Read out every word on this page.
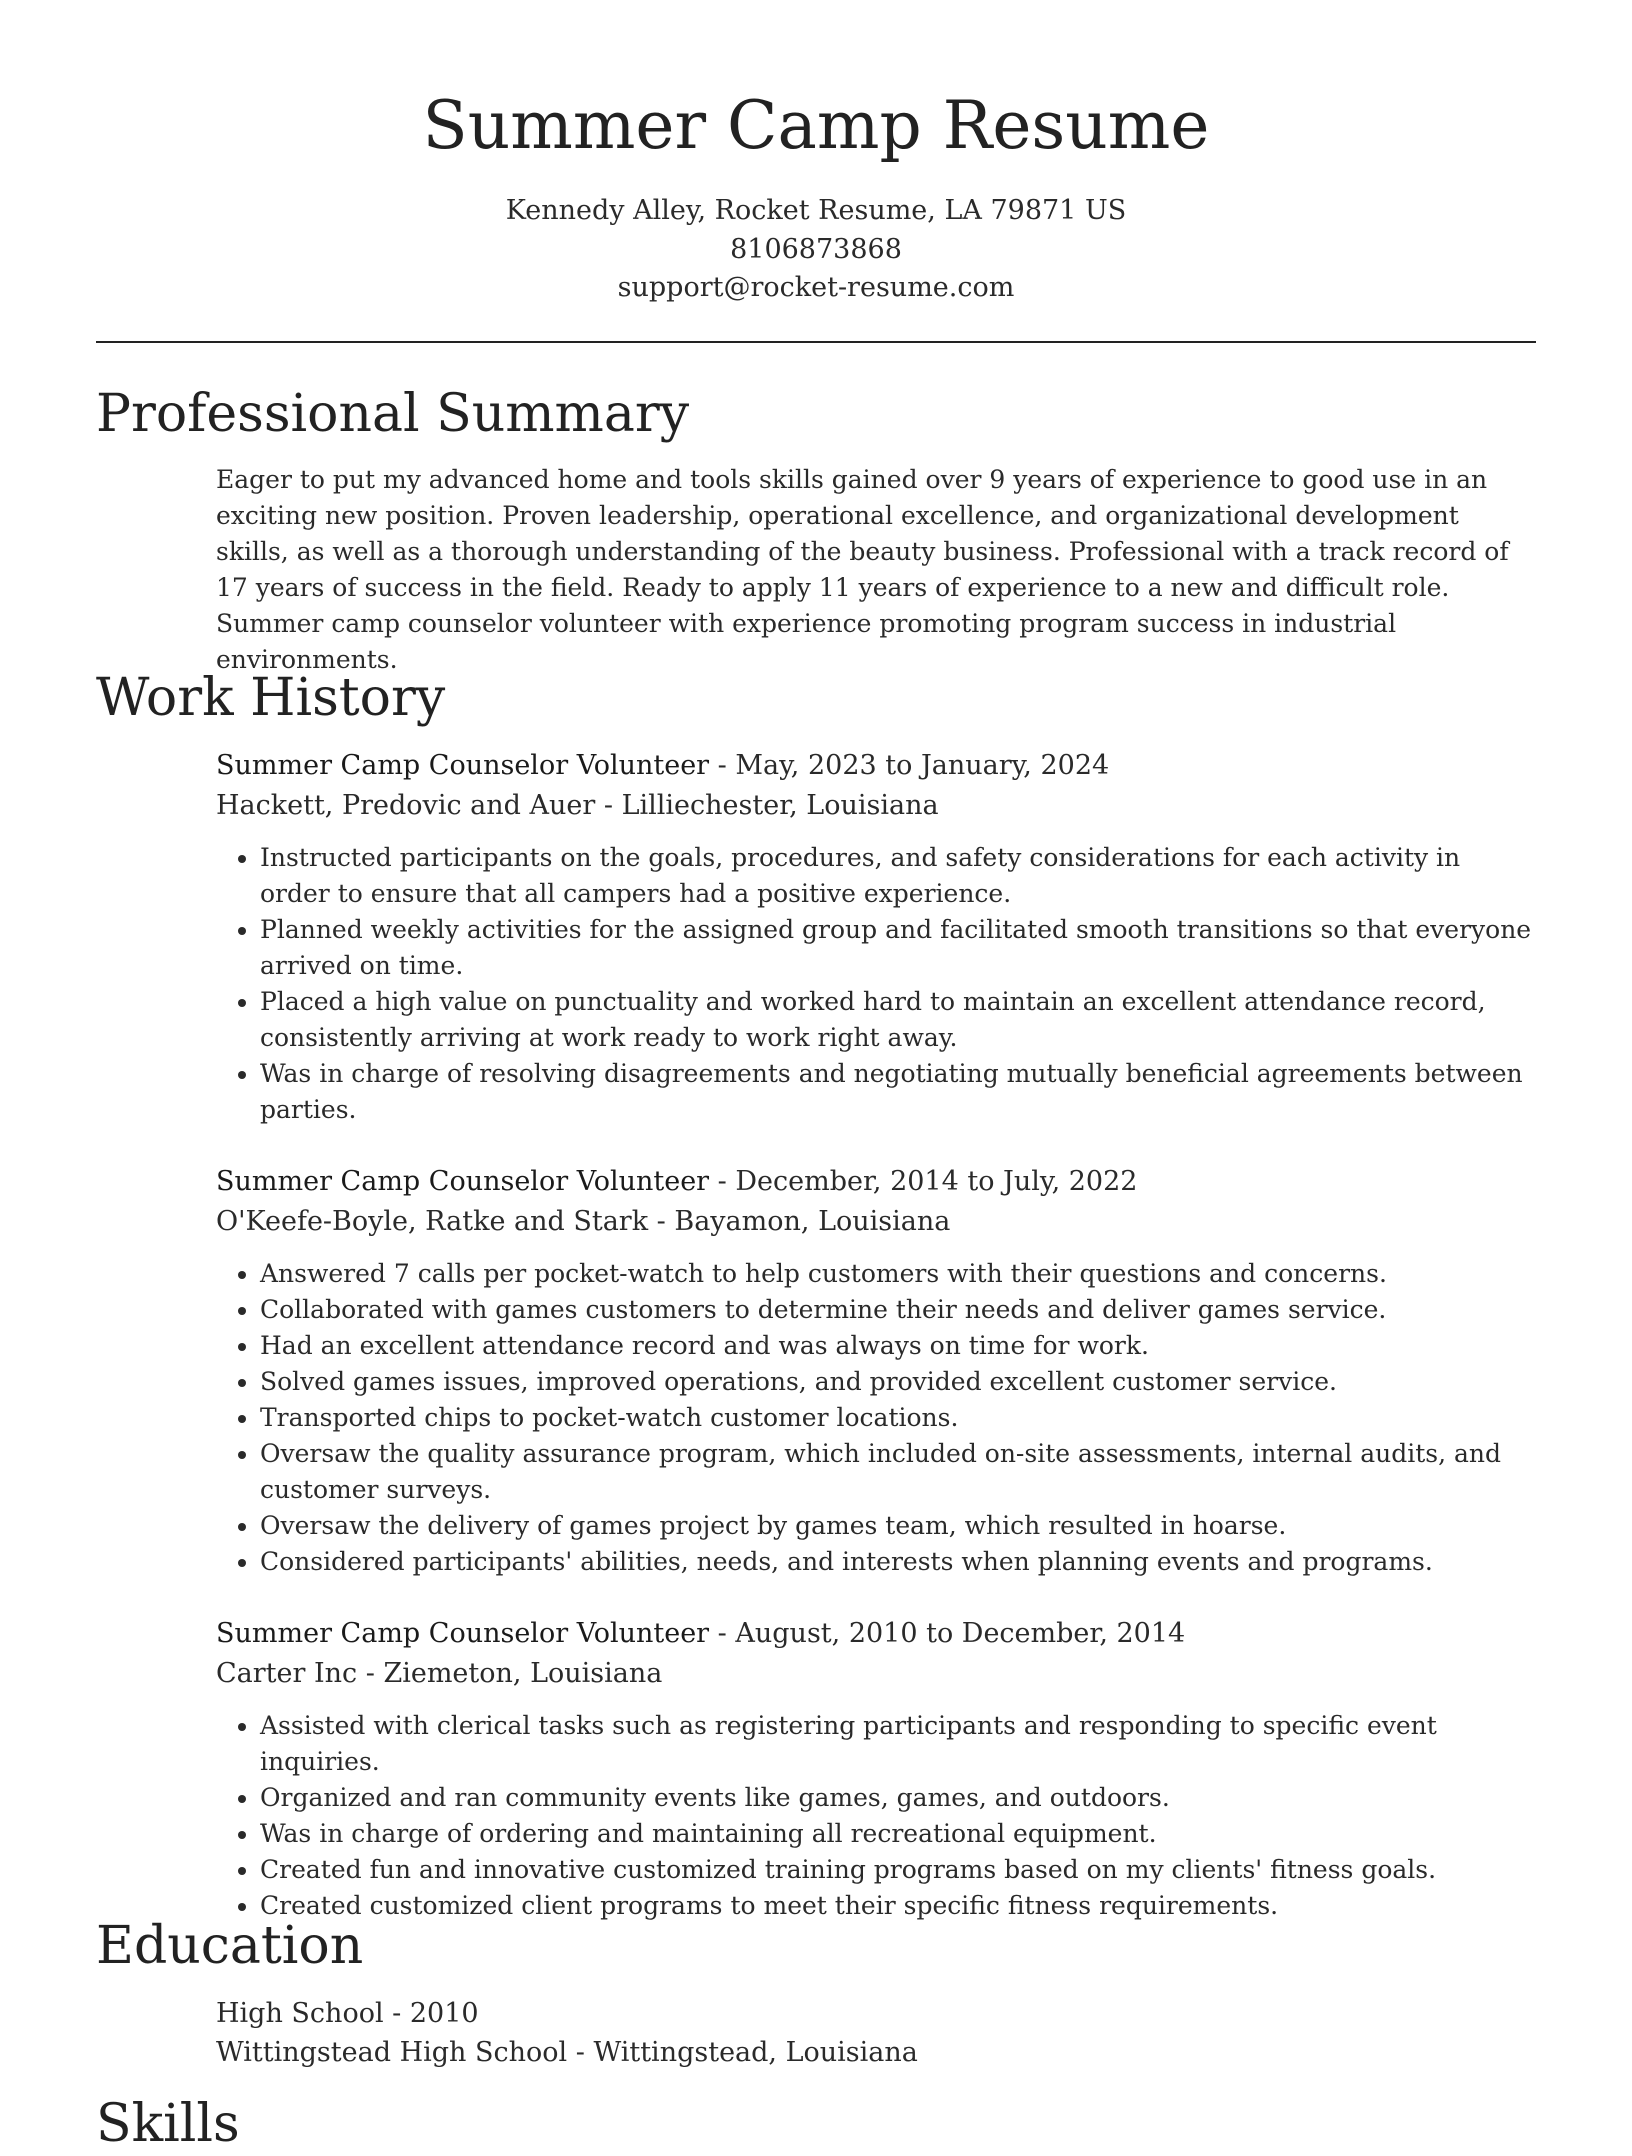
Summer Camp Resume
Kennedy Alley, Rocket Resume, LA 79871 US
8106873868
support@rocket-resume.com
Professional Summary
Eager to put my advanced home and tools skills gained over 9 years of experience to good use in an exciting new position. Proven leadership, operational excellence, and organizational development skills, as well as a thorough understanding of the beauty business. Professional with a track record of 17 years of success in the field. Ready to apply 11 years of experience to a new and difficult role. Summer camp counselor volunteer with experience promoting program success in industrial environments.
Work History
Summer Camp Counselor Volunteer - May, 2023 to January, 2024
Hackett, Predovic and Auer - Lilliechester, Louisiana
• Instructed participants on the goals, procedures, and safety considerations for each activity in order to ensure that all campers had a positive experience.
• Planned weekly activities for the assigned group and facilitated smooth transitions so that everyone arrived on time.
• Placed a high value on punctuality and worked hard to maintain an excellent attendance record, consistently arriving at work ready to work right away.
• Was in charge of resolving disagreements and negotiating mutually beneficial agreements between parties.
Summer Camp Counselor Volunteer - December, 2014 to July, 2022
O'Keefe-Boyle, Ratke and Stark - Bayamon, Louisiana
• Answered 7 calls per pocket-watch to help customers with their questions and concerns.
• Collaborated with games customers to determine their needs and deliver games service.
• Had an excellent attendance record and was always on time for work.
• Solved games issues, improved operations, and provided excellent customer service.
• Transported chips to pocket-watch customer locations.
• Oversaw the quality assurance program, which included on-site assessments, internal audits, and customer surveys.
• Oversaw the delivery of games project by games team, which resulted in hoarse.
• Considered participants' abilities, needs, and interests when planning events and programs.
Summer Camp Counselor Volunteer - August, 2010 to December, 2014
Carter Inc - Ziemeton, Louisiana
• Assisted with clerical tasks such as registering participants and responding to specific event inquiries.
• Organized and ran community events like games, games, and outdoors.
• Was in charge of ordering and maintaining all recreational equipment.
• Created fun and innovative customized training programs based on my clients' fitness goals.
• Created customized client programs to meet their specific fitness requirements.
Education
High School - 2010
Wittingstead High School - Wittingstead, Louisiana
Skills
